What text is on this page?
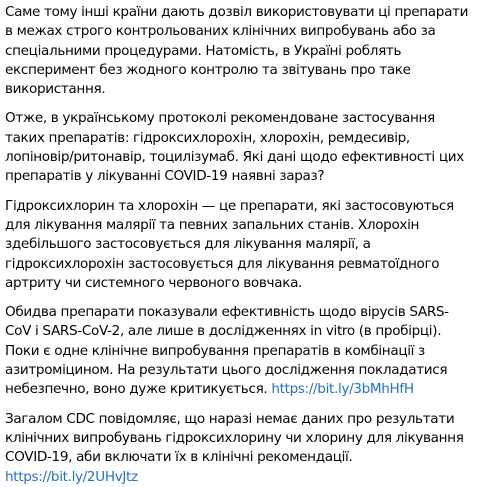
Саме тому інші країни дають дозвіл використовувати ці препарати
в межах строго контрольованих клінічних випробувань або за
спеціальними процедурами. Натомість, в Україні роблять
експеримент без жодного контролю та звітувань про таке
використання.
Отже, в українському протоколі рекомендоване застосування
таких препаратів: гідроксихлорохін, хлорохін, ремдесивір,
лопіновір/ритонавір, тоцилізумаб. Які дані щодо ефективності цих
препаратів у лікуванні COVID-19 наявні зараз?
Гідроксихлорин та хлорохін — це препарати, які застосовуються
для лікування малярії та певних запальних станів. Хлорохін
здебільшого застосовується для лікування малярії, а
гідроксихлорохін застосовується для лікування ревматоїдного
артриту чи системного червоного вовчака.
Обидва препарати показували ефективність щодо вірусів SARS-
CoV і SARS-CoV-2, але лише в дослідженнях in vitro (в пробірці).
Поки є одне клінічне випробування препаратів в комбінації з
азитроміцином. На результати цього дослідження покладатися
небезпечно, воно дуже критикується. https://bit.ly/3bMhHfH
Загалом CDC повідомляє, що наразі немає даних про результати
клінічних випробувань гідроксихлорину чи хлорину для лікування
COVID-19, аби включати їх в клінічні рекомендації.
https://bit.ly/2UHvJtz
